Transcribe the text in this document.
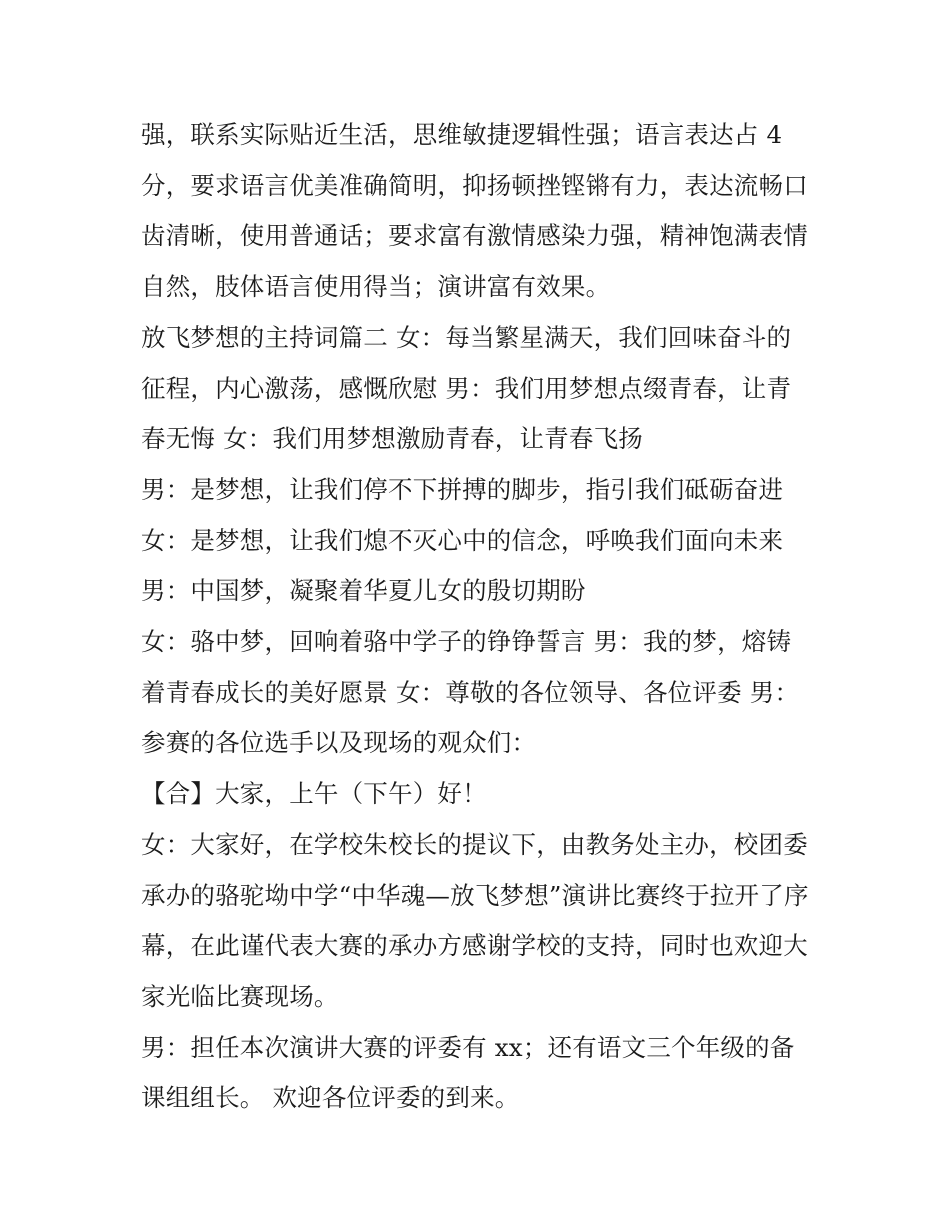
强，联系实际贴近生活，思维敏捷逻辑性强；语言表达占 4
分，要求语言优美准确简明，抑扬顿挫铿锵有力，表达流畅口
齿清晰，使用普通话；要求富有激情感染力强，精神饱满表情
自然，肢体语言使用得当；演讲富有效果。

放飞梦想的主持词篇二 女：每当繁星满天，我们回味奋斗的
征程，内心激荡，感慨欣慰 男：我们用梦想点缀青春，让青
春无悔 女：我们用梦想激励青春，让青春飞扬

男：是梦想，让我们停不下拼搏的脚步，指引我们砥砺奋进

女：是梦想，让我们熄不灭心中的信念，呼唤我们面向未来

男：中国梦，凝聚着华夏儿女的殷切期盼

女：骆中梦，回响着骆中学子的铮铮誓言 男：我的梦，熔铸
着青春成长的美好愿景 女：尊敬的各位领导、各位评委 男：
参赛的各位选手以及现场的观众们：

【合】大家，上午（下午）好！

女：大家好，在学校朱校长的提议下，由教务处主办，校团委
承办的骆驼坳中学“中华魂—放飞梦想”演讲比赛终于拉开了序
幕，在此谨代表大赛的承办方感谢学校的支持，同时也欢迎大
家光临比赛现场。

男：担任本次演讲大赛的评委有 xx；还有语文三个年级的备
课组组长。 欢迎各位评委的到来。
